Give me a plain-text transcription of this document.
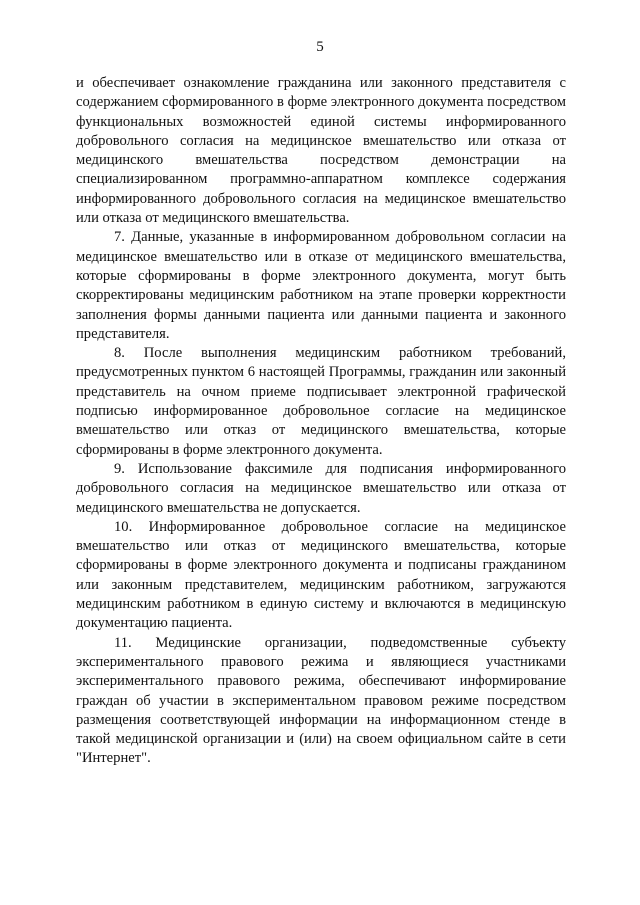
5

и обеспечивает ознакомление гражданина или законного представителя с содержанием сформированного в форме электронного документа посредством функциональных возможностей единой системы информированного добровольного согласия на медицинское вмешательство или отказа от медицинского вмешательства посредством демонстрации на специализированном программно-аппаратном комплексе содержания информированного добровольного согласия на медицинское вмешательство или отказа от медицинского вмешательства.

7. Данные, указанные в информированном добровольном согласии на медицинское вмешательство или в отказе от медицинского вмешательства, которые сформированы в форме электронного документа, могут быть скорректированы медицинским работником на этапе проверки корректности заполнения формы данными пациента или данными пациента и законного представителя.

8. После выполнения медицинским работником требований, предусмотренных пунктом 6 настоящей Программы, гражданин или законный представитель на очном приеме подписывает электронной графической подписью информированное добровольное согласие на медицинское вмешательство или отказ от медицинского вмешательства, которые сформированы в форме электронного документа.

9. Использование факсимиле для подписания информированного добровольного согласия на медицинское вмешательство или отказа от медицинского вмешательства не допускается.

10. Информированное добровольное согласие на медицинское вмешательство или отказ от медицинского вмешательства, которые сформированы в форме электронного документа и подписаны гражданином или законным представителем, медицинским работником, загружаются медицинским работником в единую систему и включаются в медицинскую документацию пациента.

11. Медицинские организации, подведомственные субъекту экспериментального правового режима и являющиеся участниками экспериментального правового режима, обеспечивают информирование граждан об участии в экспериментальном правовом режиме посредством размещения соответствующей информации на информационном стенде в такой медицинской организации и (или) на своем официальном сайте в сети "Интернет".
